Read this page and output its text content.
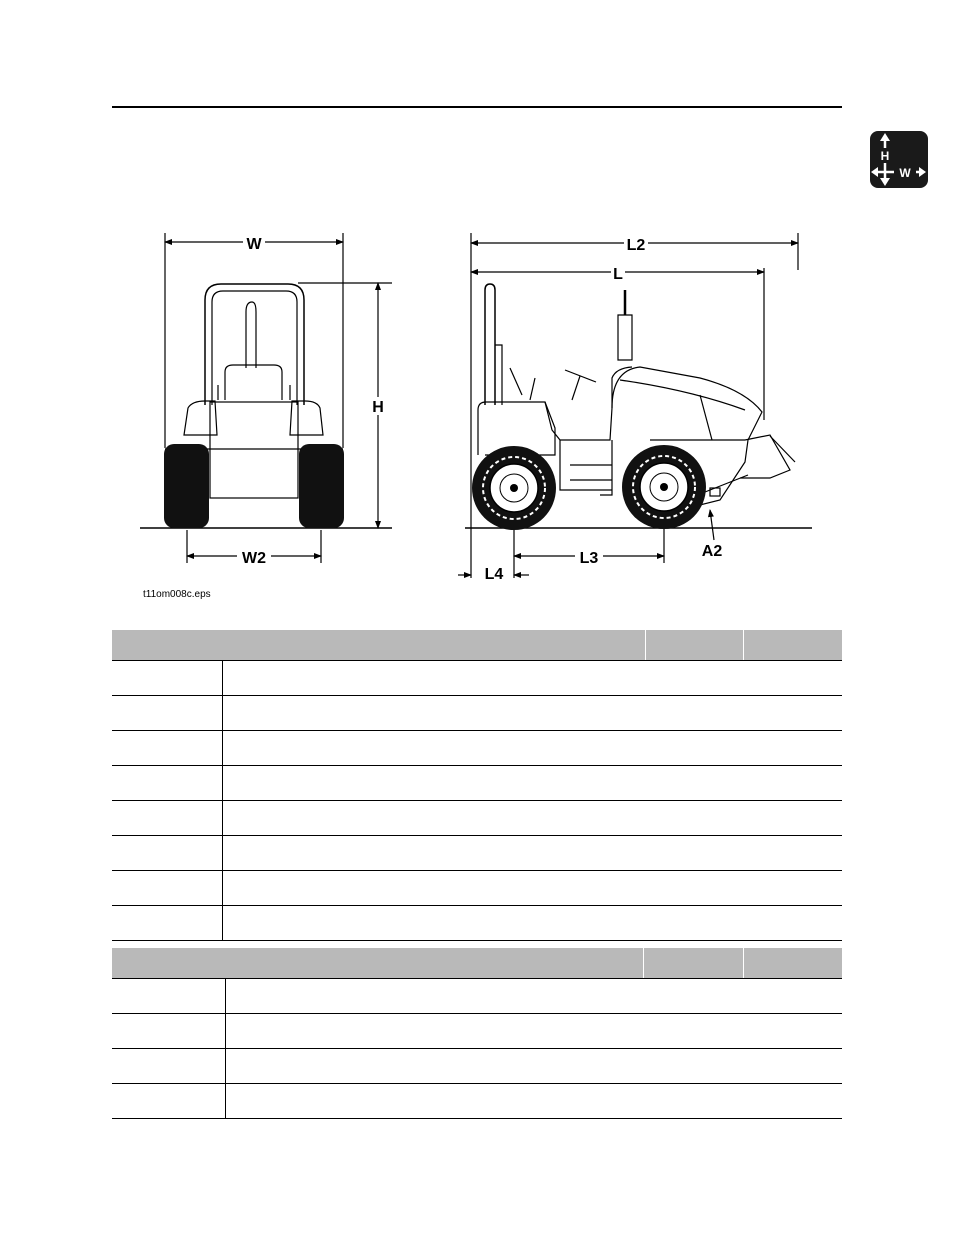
H
W
W	L2
L
H
W2	L3
L4
A2
t11om008c.eps
